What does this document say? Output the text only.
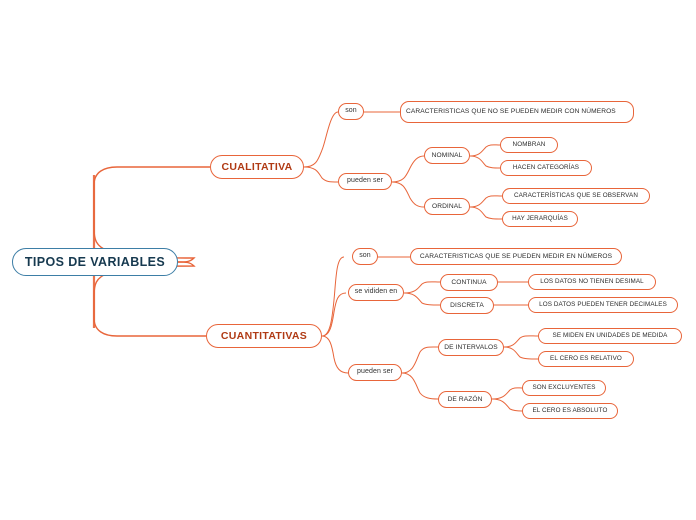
TIPOS DE VARIABLES
CUALITATIVA
CUANTITATIVAS
son	CARACTERISTICAS QUE NO SE PUEDEN MEDIR CON NÚMEROS
pueden ser
NOMINAL
NOMBRAN
HACEN CATEGORÍAS
ORDINAL
CARACTERÍSTICAS QUE SE OBSERVAN
HAY JERARQUÍAS
son	CARACTERISTICAS QUE SE PUEDEN MEDIR EN NÚMEROS
se vididen en
CONTINUA	LOS DATOS NO TIENEN DESIMAL
DISCRETA	LOS DATOS PUEDEN TENER DECIMALES
pueden ser
DE INTERVALOS
SE MIDEN EN UNIDADES DE MEDIDA
EL CERO ES RELATIVO
DE RAZÓN
SON EXCLUYENTES
EL CERO ES ABSOLUTO
